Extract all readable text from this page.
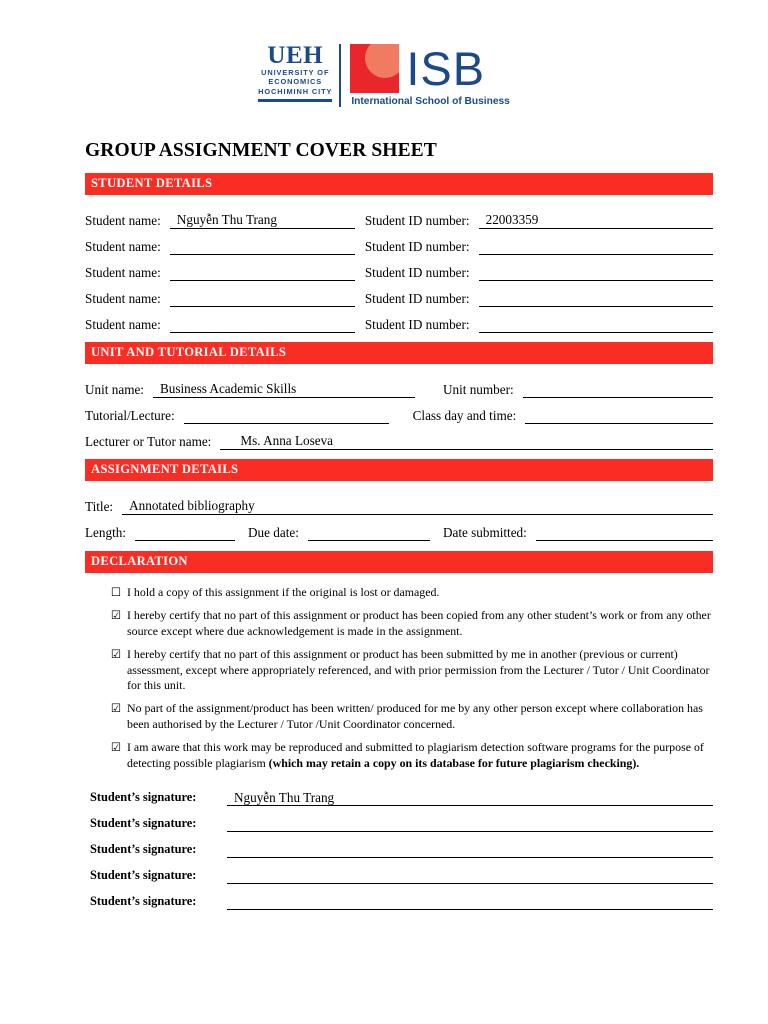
UEH
UNIVERSITY OF
ECONOMICS
HOCHIMINH CITY ISB
International School of Business
GROUP ASSIGNMENT COVER SHEET
STUDENT DETAILS
Student name:	Nguyễn Thu Trang	Student ID number:	22003359
Student name:	Student ID number:
Student name:	Student ID number:
Student name:	Student ID number:
Student name:	Student ID number:
UNIT AND TUTORIAL DETAILS
Unit name:	Business Academic Skills	Unit number:
Tutorial/Lecture:	Class day and time:
Lecturer or Tutor name:	Ms. Anna Loseva
ASSIGNMENT DETAILS
Title:	Annotated bibliography
Length:	Due date:	Date submitted:
DECLARATION
☐ I hold a copy of this assignment if the original is lost or damaged.
☑ I hereby certify that no part of this assignment or product has been copied from any other student’s work or from any other source except where due acknowledgement is made in the assignment.
☑ I hereby certify that no part of this assignment or product has been submitted by me in another (previous or current) assessment, except where appropriately referenced, and with prior permission from the Lecturer / Tutor / Unit Coordinator for this unit.
☑ No part of the assignment/product has been written/ produced for me by any other person except where collaboration has been authorised by the Lecturer / Tutor /Unit Coordinator concerned.
☑ I am aware that this work may be reproduced and submitted to plagiarism detection software programs for the purpose of detecting possible plagiarism (which may retain a copy on its database for future plagiarism checking).
Student’s signature:	Nguyễn Thu Trang
Student’s signature:
Student’s signature:
Student’s signature:
Student’s signature:
